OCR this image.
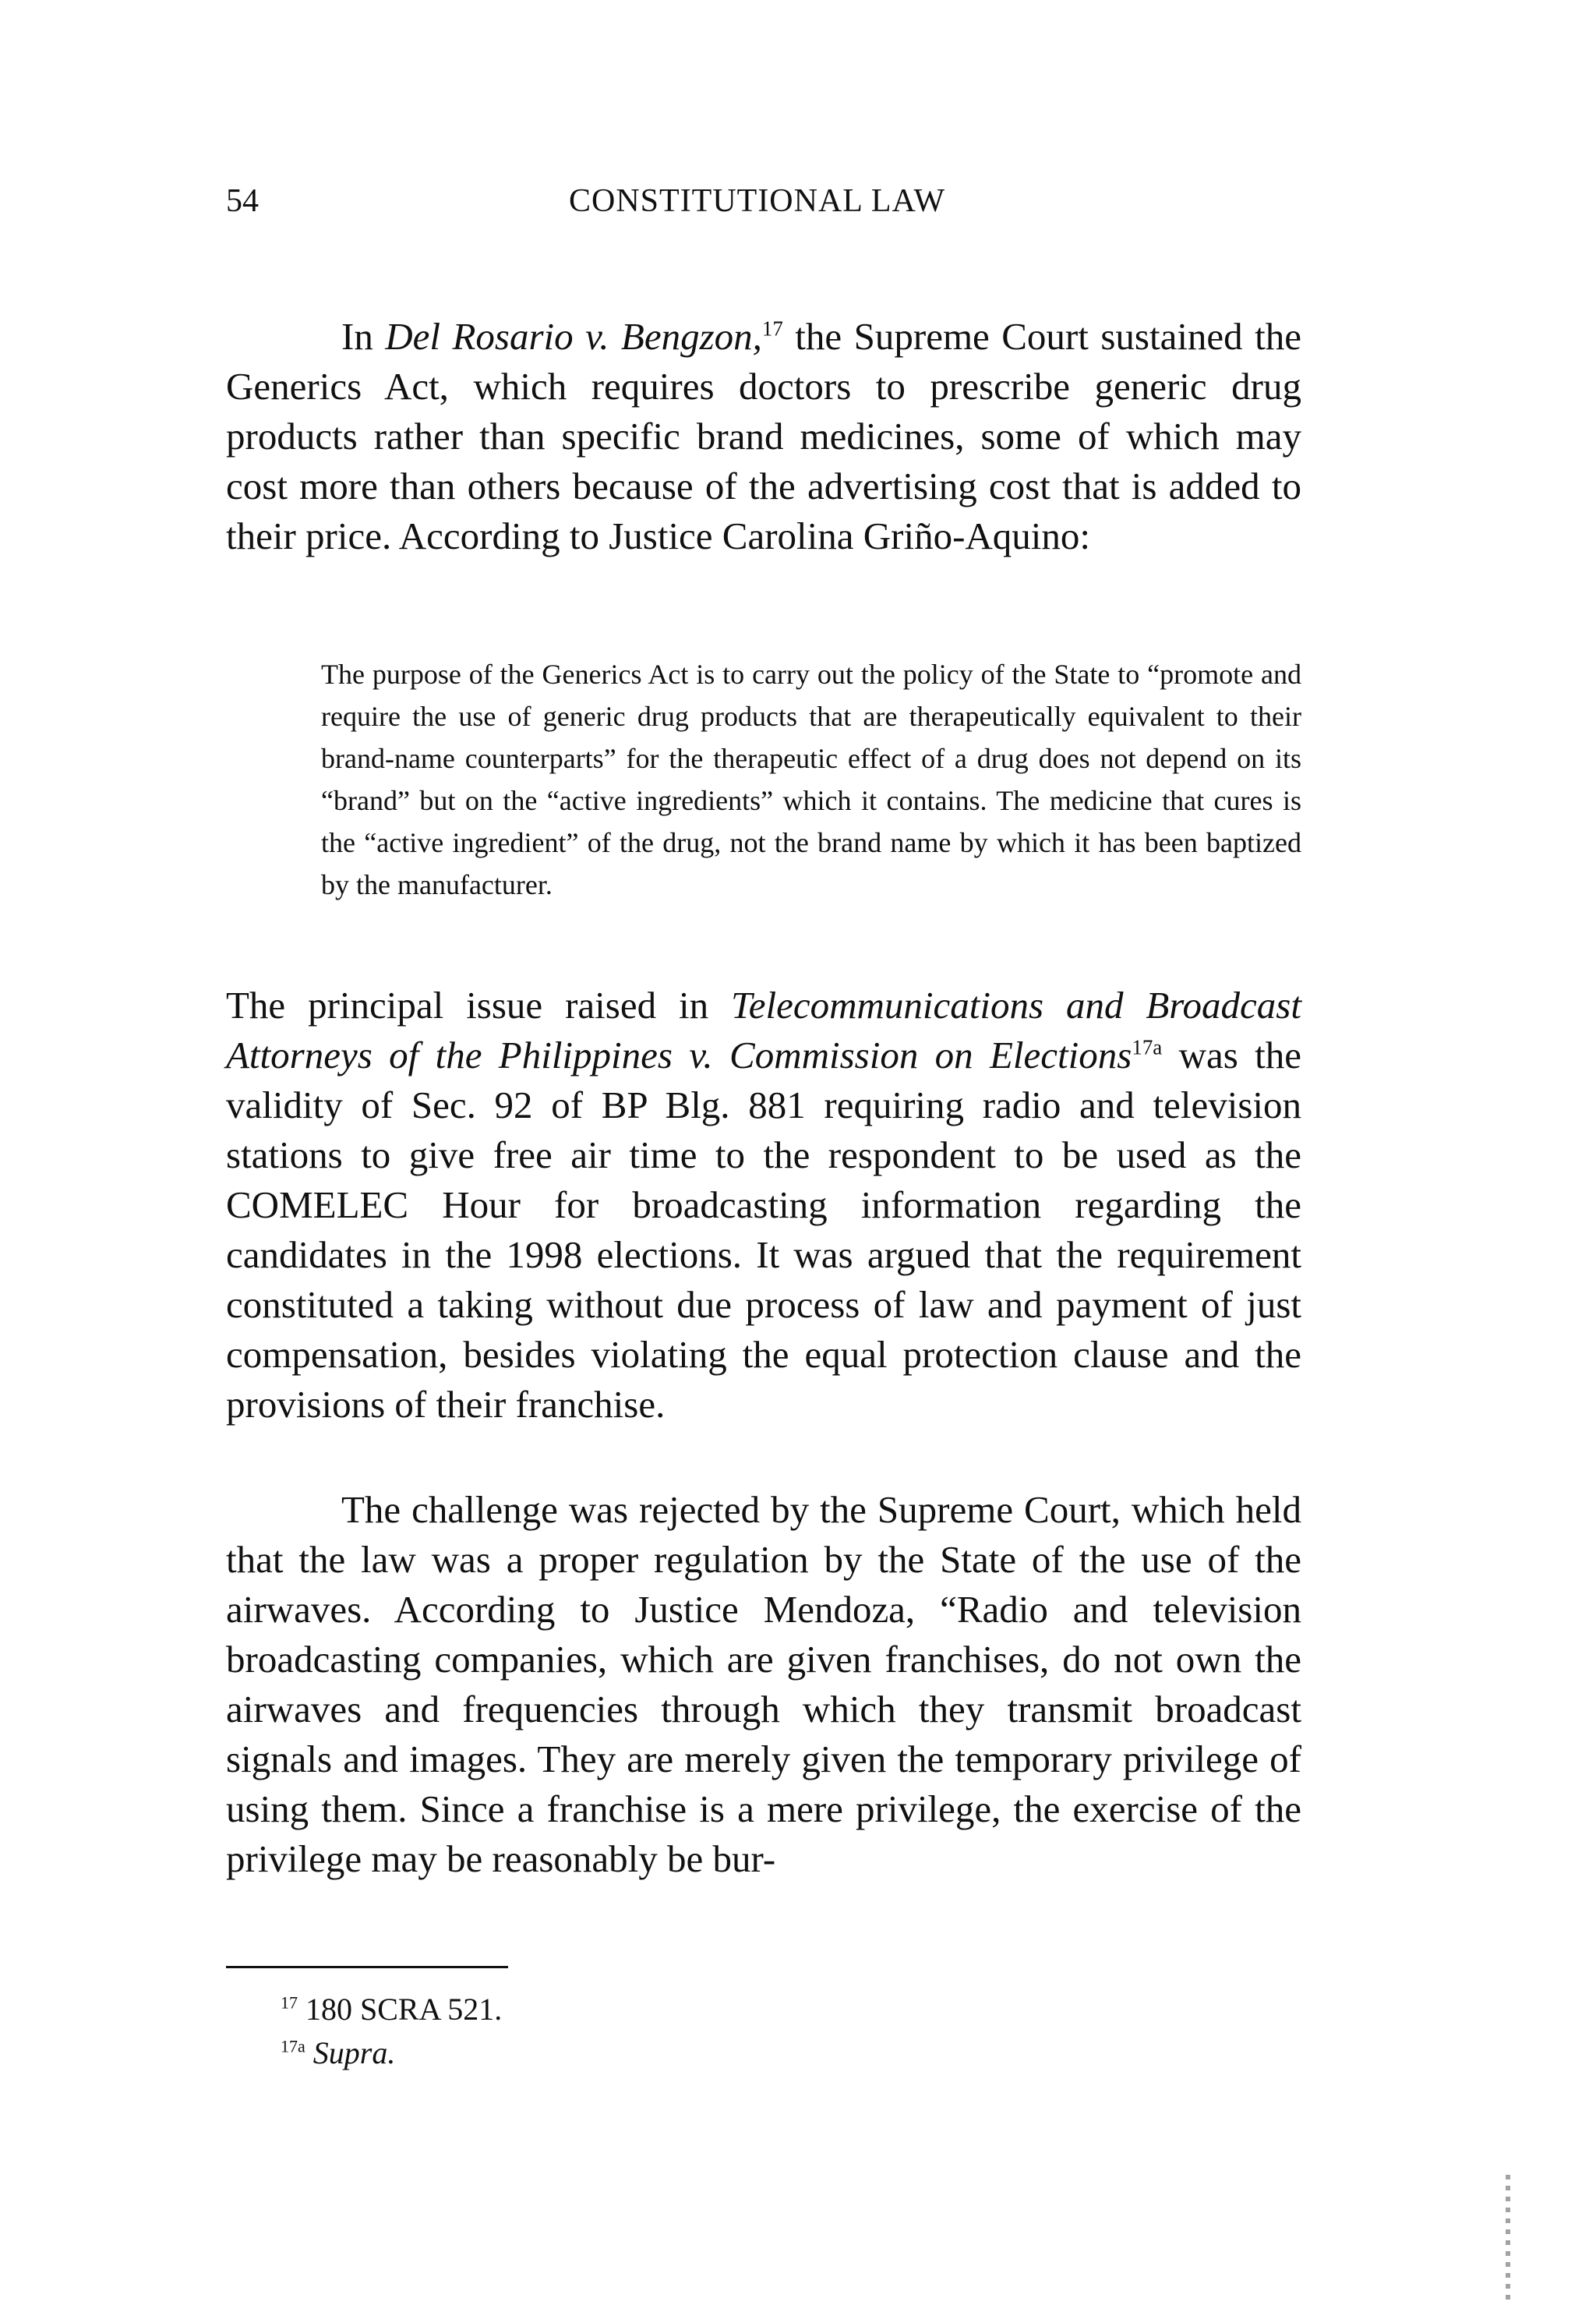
54	CONSTITUTIONAL LAW

In Del Rosario v. Bengzon,$^{17}$ the Supreme Court sustained the Generics Act, which requires doctors to prescribe generic drug products rather than specific brand medicines, some of which may cost more than others because of the advertising cost that is added to their price. According to Justice Carolina Griño-Aquino:

The purpose of the Generics Act is to carry out the policy of the State to “promote and require the use of generic drug products that are therapeutically equivalent to their brand-name counterparts” for the therapeutic effect of a drug does not depend on its “brand” but on the “active ingredients” which it contains. The medicine that cures is the “active ingredient” of the drug, not the brand name by which it has been baptized by the manufacturer.

The principal issue raised in Telecommunications and Broadcast Attorneys of the Philippines v. Commission on Elections$^{17a}$ was the validity of Sec. 92 of BP Blg. 881 requiring radio and television stations to give free air time to the respondent to be used as the COMELEC Hour for broadcasting information regarding the candidates in the 1998 elections. It was argued that the requirement constituted a taking without due process of law and payment of just compensation, besides violating the equal protection clause and the provisions of their franchise.

The challenge was rejected by the Supreme Court, which held that the law was a proper regulation by the State of the use of the airwaves. According to Justice Mendoza, “Radio and television broadcasting companies, which are given franchises, do not own the airwaves and frequencies through which they transmit broadcast signals and images. They are merely given the temporary privilege of using them. Since a franchise is a mere privilege, the exercise of the privilege may be reasonably be bur-

$^{17}$ 180 SCRA 521.
$^{17a}$ Supra.
